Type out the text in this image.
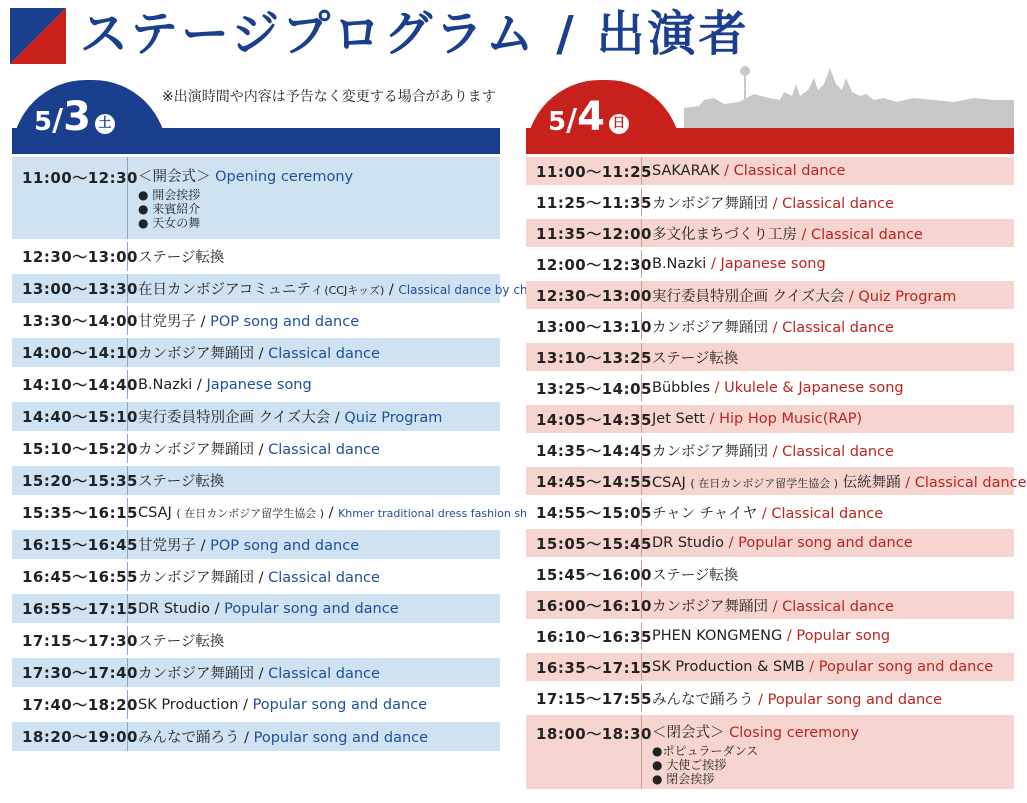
ステージプログラム / 出演者
5/3 土
※出演時間や内容は予告なく変更する場合があります
5/4 日
11:00～12:30	＜開会式＞ Opening ceremony
● 開会挨拶
● 来賓紹介
● 天女の舞

12:30～13:00	ステージ転換
13:00～13:30	在日カンボジアコミュニティ(CCJキッズ) / Classical dance by children
13:30～14:00	甘党男子 / POP song and dance
14:00～14:10	カンボジア舞踊団 / Classical dance
14:10～14:40	B.Nazki / Japanese song
14:40～15:10	実行委員特別企画 クイズ大会 / Quiz Program
15:10～15:20	カンボジア舞踊団 / Classical dance
15:20～15:35	ステージ転換
15:35～16:15	CSAJ ( 在日カンボジア留学生協会 ) / Khmer traditional dress fashion show
16:15～16:45	甘党男子 / POP song and dance
16:45～16:55	カンボジア舞踊団 / Classical dance
16:55～17:15	DR Studio / Popular song and dance
17:15～17:30	ステージ転換
17:30～17:40	カンボジア舞踊団 / Classical dance
17:40～18:20	SK Production / Popular song and dance
18:20～19:00	みんなで踊ろう / Popular song and dance
11:00～11:25	SAKARAK / Classical dance
11:25～11:35	カンボジア舞踊団 / Classical dance
11:35～12:00	多文化まちづくり工房 / Classical dance
12:00～12:30	B.Nazki / Japanese song
12:30～13:00	実行委員特別企画 クイズ大会 / Quiz Program
13:00～13:10	カンボジア舞踊団 / Classical dance
13:10～13:25	ステージ転換
13:25～14:05	Bübbles / Ukulele & Japanese song
14:05～14:35	Jet Sett / Hip Hop Music(RAP)
14:35～14:45	カンボジア舞踊団 / Classical dance
14:45～14:55	CSAJ ( 在日カンボジア留学生協会 ) 伝統舞踊 / Classical dance
14:55～15:05	チャン チャイヤ / Classical dance
15:05～15:45	DR Studio / Popular song and dance
15:45～16:00	ステージ転換
16:00～16:10	カンボジア舞踊団 / Classical dance
16:10～16:35	PHEN KONGMENG / Popular song
16:35～17:15	SK Production & SMB / Popular song and dance
17:15～17:55	みんなで踊ろう / Popular song and dance
18:00～18:30	＜閉会式＞ Closing ceremony
●ポピュラーダンス
● 大使ご挨拶
● 閉会挨拶
